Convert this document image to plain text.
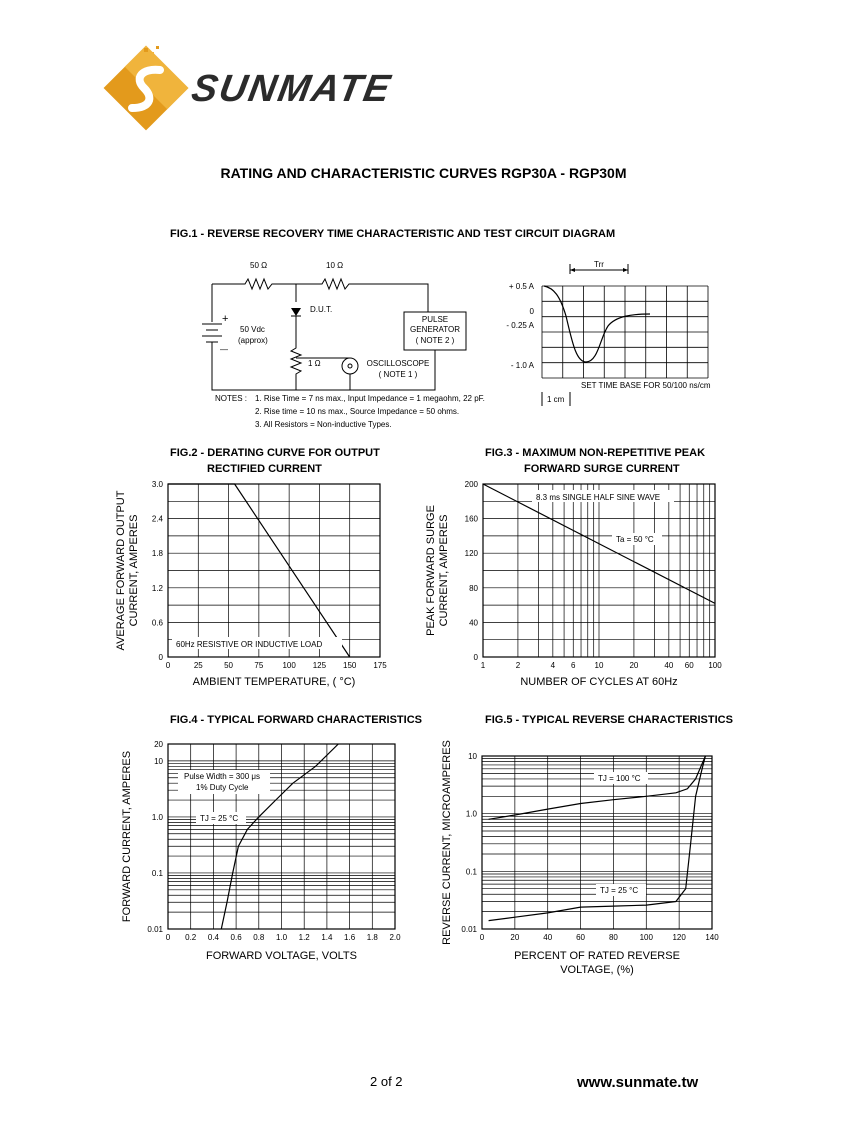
SUNMATE
RATING AND CHARACTERISTIC CURVES RGP30A - RGP30M
FIG.1 - REVERSE RECOVERY TIME CHARACTERISTIC AND TEST CIRCUIT DIAGRAM
50 Ω	10 Ω
D.U.T.
1 Ω
+
—
50 Vdc
(approx)
PULSE
GENERATOR
( NOTE 2 )
OSCILLOSCOPE
( NOTE 1 )
NOTES : 1. Rise Time = 7 ns max., Input Impedance = 1 megaohm, 22 pF.
2. Rise time = 10 ns max., Source Impedance = 50 ohms.
3. All Resistors = Non-inductive Types.
Trr
+ 0.5 A
0
- 0.25 A
- 1.0 A
SET TIME BASE FOR 50/100 ns/cm
1 cm
FIG.2 - DERATING CURVE FOR OUTPUT
RECTIFIED CURRENT
FIG.3 - MAXIMUM NON-REPETITIVE PEAK
FORWARD SURGE CURRENT
FIG.4 - TYPICAL FORWARD CHARACTERISTICS	FIG.5 - TYPICAL REVERSE CHARACTERISTICS
0	25	50	75 100 125 150 175
0
0.6
1.2
1.8
2.4
3.0
AMBIENT TEMPERATURE, ( °C)
AVERAGE FORWARD OUTPUT CURRENT, AMPERES
60Hz RESISTIVE OR INDUCTIVE LOAD
1	2	4 6 10	20	40 60 100
0
40
80
120
160
200
NUMBER OF CYCLES AT 60Hz
PEAK FORWARD SURGE CURRENT, AMPERES
8.3 ms SINGLE HALF SINE WAVE
Ta = 50 °C
0 0.2 0.4 0.6 0.8 1.0 1.2 1.4 1.6 1.8 2.0
0.01
0.1
1.0
10
20
FORWARD VOLTAGE, VOLTS
FORWARD CURRENT, AMPERES	Pulse Width = 300 μs
1% Duty Cycle
TJ = 25 °C
0	20	40	60	80	100 120 140
0.01
0.1
1.0
10
PERCENT OF RATED REVERSE
VOLTAGE, (%)
REVERSE CURRENT, MICROAMPERES	TJ = 100 °C
TJ = 25 °C
2 of 2	www.sunmate.tw
